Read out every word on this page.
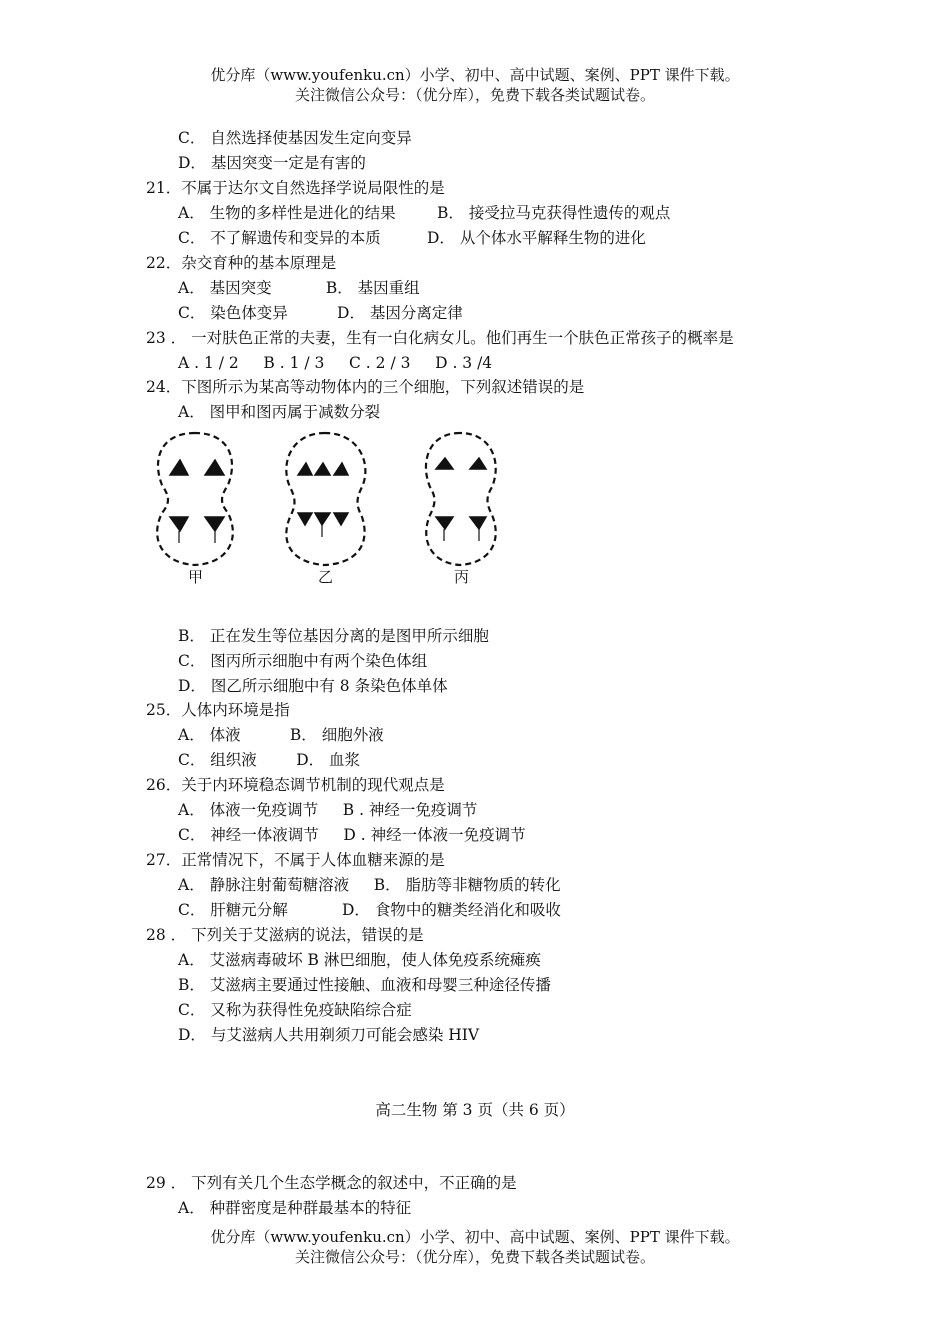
优分库（www.youfenku.cn）小学、初中、高中试题、案例、PPT 课件下载。
关注微信公众号：（优分库），免费下载各类试题试卷。
C． 自然选择使基因发生定向变异
D． 基因突变一定是有害的
21．不属于达尔文自然选择学说局限性的是
A． 生物的多样性是进化的结果	B． 接受拉马克获得性遗传的观点
C． 不了解遗传和变异的本质	D． 从个体水平解释生物的进化
22．杂交育种的基本原理是
A． 基因突变           B． 基因重组
C． 染色体变异          D． 基因分离定律
23 ． 一对肤色正常的夫妻，生有一白化病女儿。他们再生一个肤色正常孩子的概率是
A . 1 / 2     B . 1 / 3     C . 2 / 3     D . 3 /4
24．下图所示为某高等动物体内的三个细胞，下列叙述错误的是
A． 图甲和图丙属于减数分裂
甲	乙	丙
B． 正在发生等位基因分离的是图甲所示细胞
C． 图丙所示细胞中有两个染色体组
D． 图乙所示细胞中有 8 条染色体单体
25．人体内环境是指
A． 体液          B． 细胞外液
C． 组织液        D． 血浆
26．关于内环境稳态调节机制的现代观点是
A． 体液一免疫调节     B . 神经一免疫调节
C． 神经一体液调节     D . 神经一体液一免疫调节
27．正常情况下，不属于人体血糖来源的是
A． 静脉注射葡萄糖溶液     B． 脂肪等非糖物质的转化
C． 肝糖元分解           D． 食物中的糖类经消化和吸收
28 ． 下列关于艾滋病的说法，错误的是
A． 艾滋病毒破坏 B 淋巴细胞，使人体免疫系统瘫痪
B． 艾滋病主要通过性接触、血液和母婴三种途径传播
C． 又称为获得性免疫缺陷综合症
D． 与艾滋病人共用剃须刀可能会感染 HIV
高二生物 第 3 页（共 6 页）
29 ． 下列有关几个生态学概念的叙述中，不正确的是
A． 种群密度是种群最基本的特征
优分库（www.youfenku.cn）小学、初中、高中试题、案例、PPT 课件下载。
关注微信公众号：（优分库），免费下载各类试题试卷。
